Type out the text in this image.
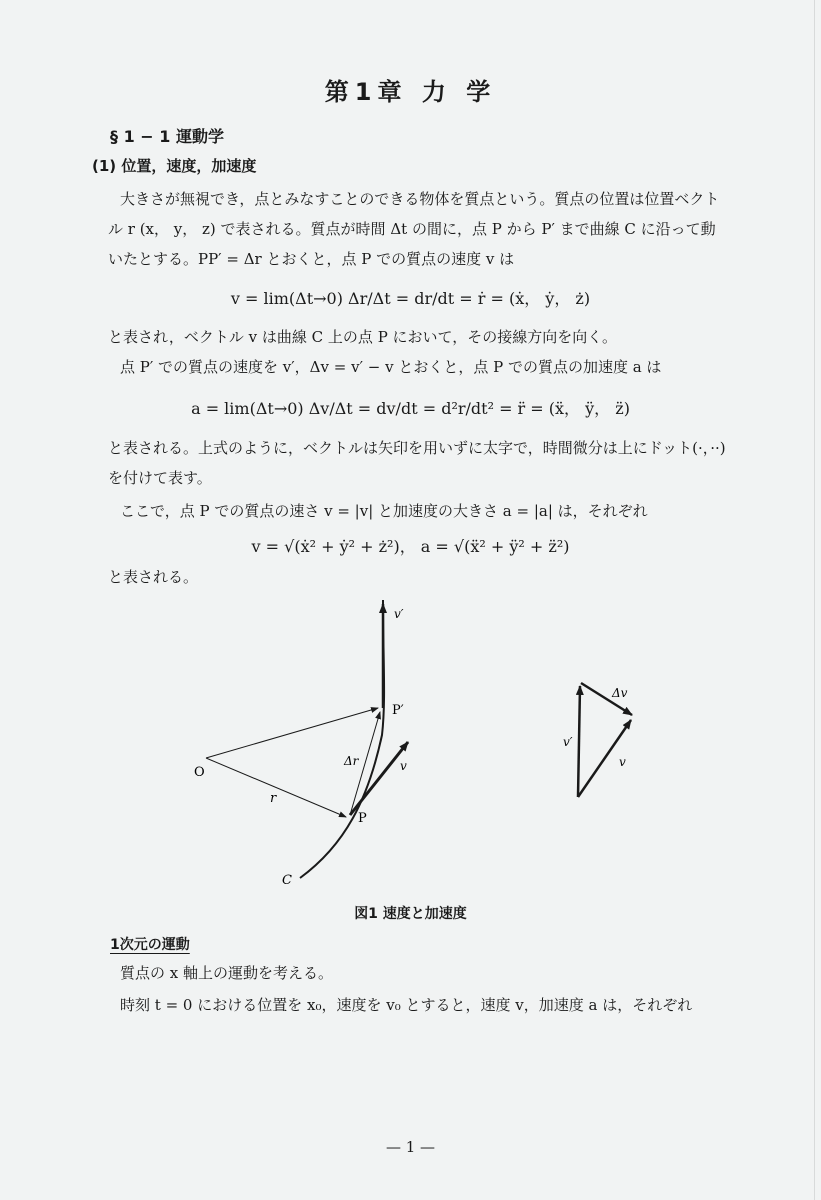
第1章 力 学
§ 1 − 1 運動学
(1) 位置，速度，加速度
大きさが無視でき，点とみなすことのできる物体を質点という。質点の位置は位置ベクト
ル r (x， y， z) で表される。質点が時間 Δt の間に，点 P から P′ まで曲線 C に沿って動
いたとする。PP′ = Δr とおくと，点 P での質点の速度 v は
v = lim(Δt→0) Δr/Δt = dr/dt = ṙ = (ẋ， ẏ， ż)
と表され，ベクトル v は曲線 C 上の点 P において，その接線方向を向く。
点 P′ での質点の速度を v′，Δv = v′ − v とおくと，点 P での質点の加速度 a は
a = lim(Δt→0) Δv/Δt = dv/dt = d²r/dt² = r̈ = (ẍ， ÿ， z̈)
と表される。上式のように，ベクトルは矢印を用いずに太字で，時間微分は上にドット(·，··)
を付けて表す。
ここで，点 P での質点の速さ v = |v| と加速度の大きさ a = |a| は，それぞれ
v = √(ẋ² + ẏ² + ż²)， a = √(ẍ² + ÿ² + z̈²)
と表される。
O
P
P′
C
r
Δr	v
v′
v
v′
Δv
図1 速度と加速度
1次元の運動
質点の x 軸上の運動を考える。
時刻 t = 0 における位置を x₀，速度を v₀ とすると，速度 v，加速度 a は，それぞれ
— 1 —
